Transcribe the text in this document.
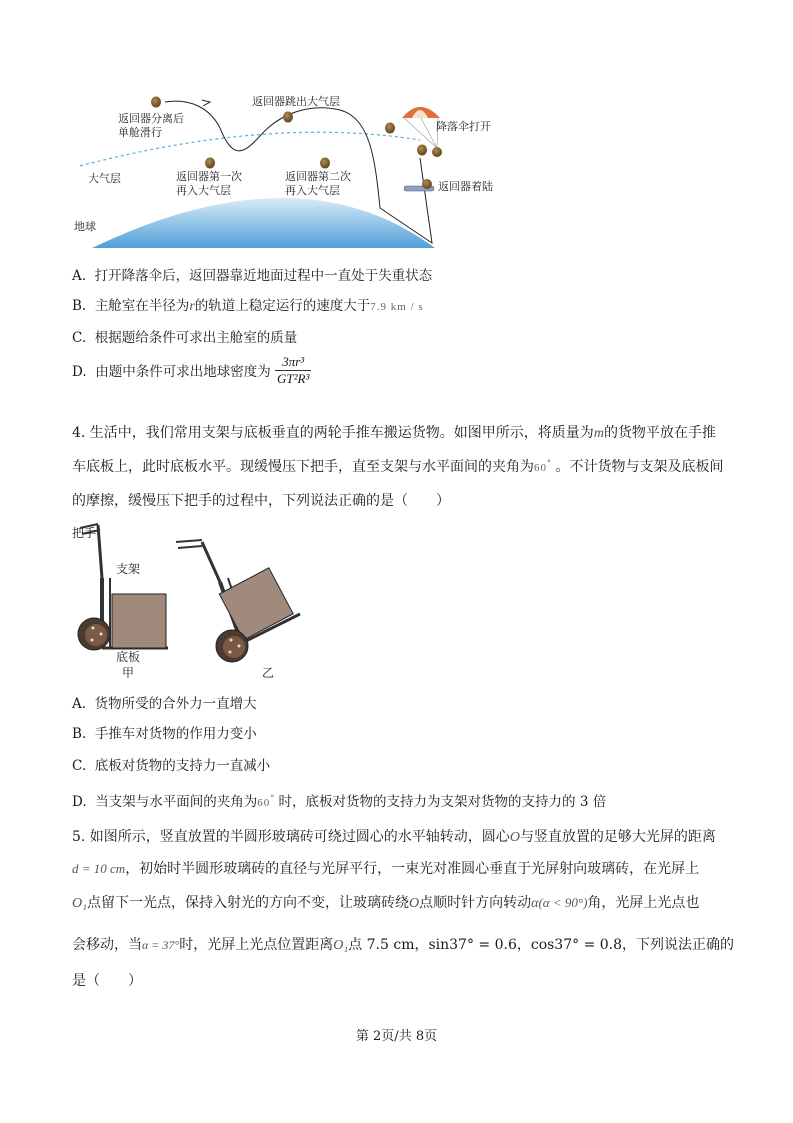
返回器分离后
单舱滑行
返回器跳出大气层
降落伞打开
大气层	返回器第一次
再入大气层
返回器第二次
再入大气层	返回器着陆
地球
A. 打开降落伞后，返回器靠近地面过程中一直处于失重状态
B. 主舱室在半径为r的轨道上稳定运行的速度大于7.9 km / s
C. 根据题给条件可求出主舱室的质量
D. 由题中条件可求出地球密度为 $\frac{\text{3πr³}}{\text{GT²R³}}$
4. 生活中，我们常用支架与底板垂直的两轮手推车搬运货物。如图甲所示，将质量为m的货物平放在手推
车底板上，此时底板水平。现缓慢压下把手，直至支架与水平面间的夹角为60° 。不计货物与支架及底板间
的摩擦，缓慢压下把手的过程中，下列说法正确的是（　　）
把手
支架
底板
甲	乙
A. 货物所受的合外力一直增大
B. 手推车对货物的作用力变小
C. 底板对货物的支持力一直减小
D. 当支架与水平面间的夹角为60° 时，底板对货物的支持力为支架对货物的支持力的 3 倍
5. 如图所示，竖直放置的半圆形玻璃砖可绕过圆心的水平轴转动，圆心O与竖直放置的足够大光屏的距离
d = 10 cm，初始时半圆形玻璃砖的直径与光屏平行，一束光对准圆心垂直于光屏射向玻璃砖，在光屏上
O₁点留下一光点，保持入射光的方向不变，让玻璃砖绕O点顺时针方向转动α(α < 90°)角，光屏上光点也
会移动，当α = 37°时，光屏上光点位置距离O₁点 7.5 cm，sin37° = 0.6，cos37° = 0.8，下列说法正确的
是（　　）
第 2页/共 8页
